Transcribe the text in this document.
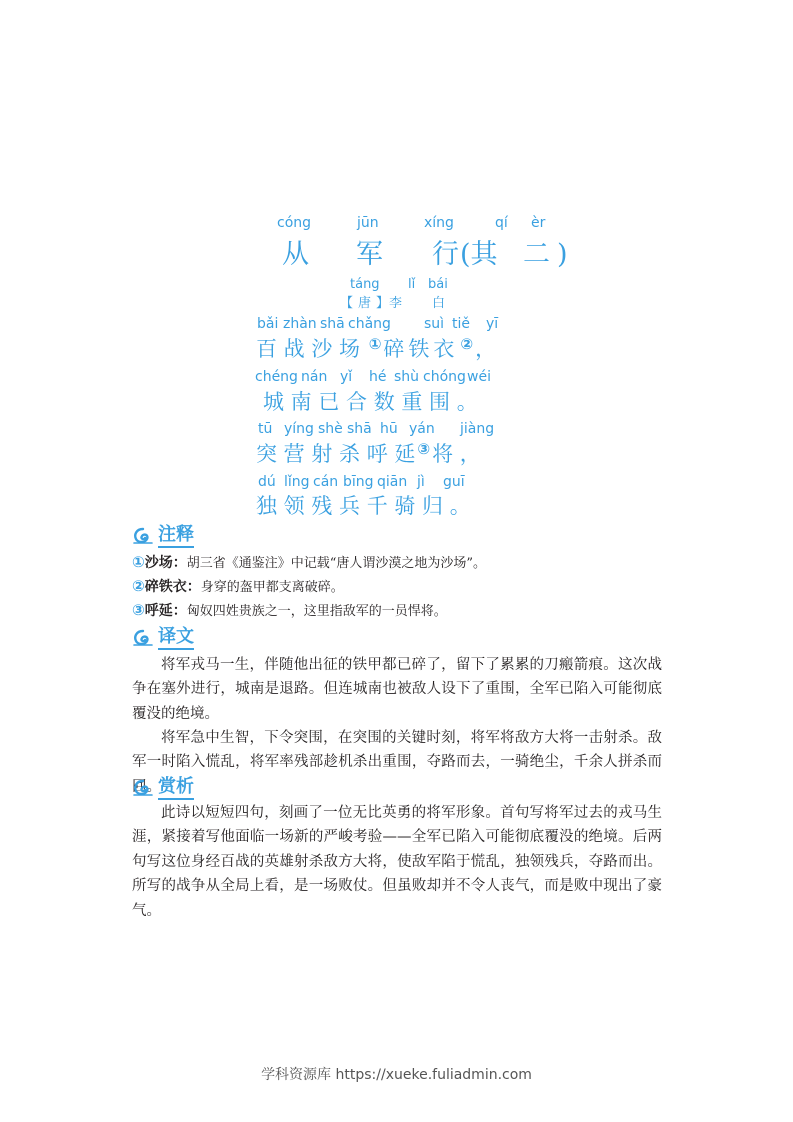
cóng	jūn	xíng	qí èr
从 军 行 (其 二 )
táng lǐ bái
【 唐 】李 白
bǎi zhàn shā chǎng suì tiě yī
百 战 沙 场 ①碎铁衣 ②，
chéng nán yǐ hé shù chóng wéi
城 南 已 合 数 重 围 。
tū yíng shè shā hū yán jiàng
突 营 射 杀 呼 延 ③将 ，
dú lǐng cán bīng qiān jì guī
独 领 残 兵 千 骑 归 。
注释
①沙场：胡三省《通鉴注》中记载“唐人谓沙漠之地为沙场”。
②碎铁衣：身穿的盔甲都支离破碎。
③呼延：匈奴四姓贵族之一，这里指敌军的一员悍将。
译文

将军戎马一生，伴随他出征的铁甲都已碎了，留下了累累的刀瘢箭痕。这次战争在塞外进行，城南是退路。但连城南也被敌人设下了重围，全军已陷入可能彻底覆没的绝境。

将军急中生智，下令突围，在突围的关键时刻，将军将敌方大将一击射杀。敌军一时陷入慌乱，将军率残部趁机杀出重围，夺路而去，一骑绝尘，千余人拼杀而回。

赏析

此诗以短短四句，刻画了一位无比英勇的将军形象。首句写将军过去的戎马生涯，紧接着写他面临一场新的严峻考验——全军已陷入可能彻底覆没的绝境。后两句写这位身经百战的英雄射杀敌方大将，使敌军陷于慌乱，独领残兵，夺路而出。所写的战争从全局上看，是一场败仗。但虽败却并不令人丧气，而是败中现出了豪气。

学科资源库 https://xueke.fuliadmin.com
